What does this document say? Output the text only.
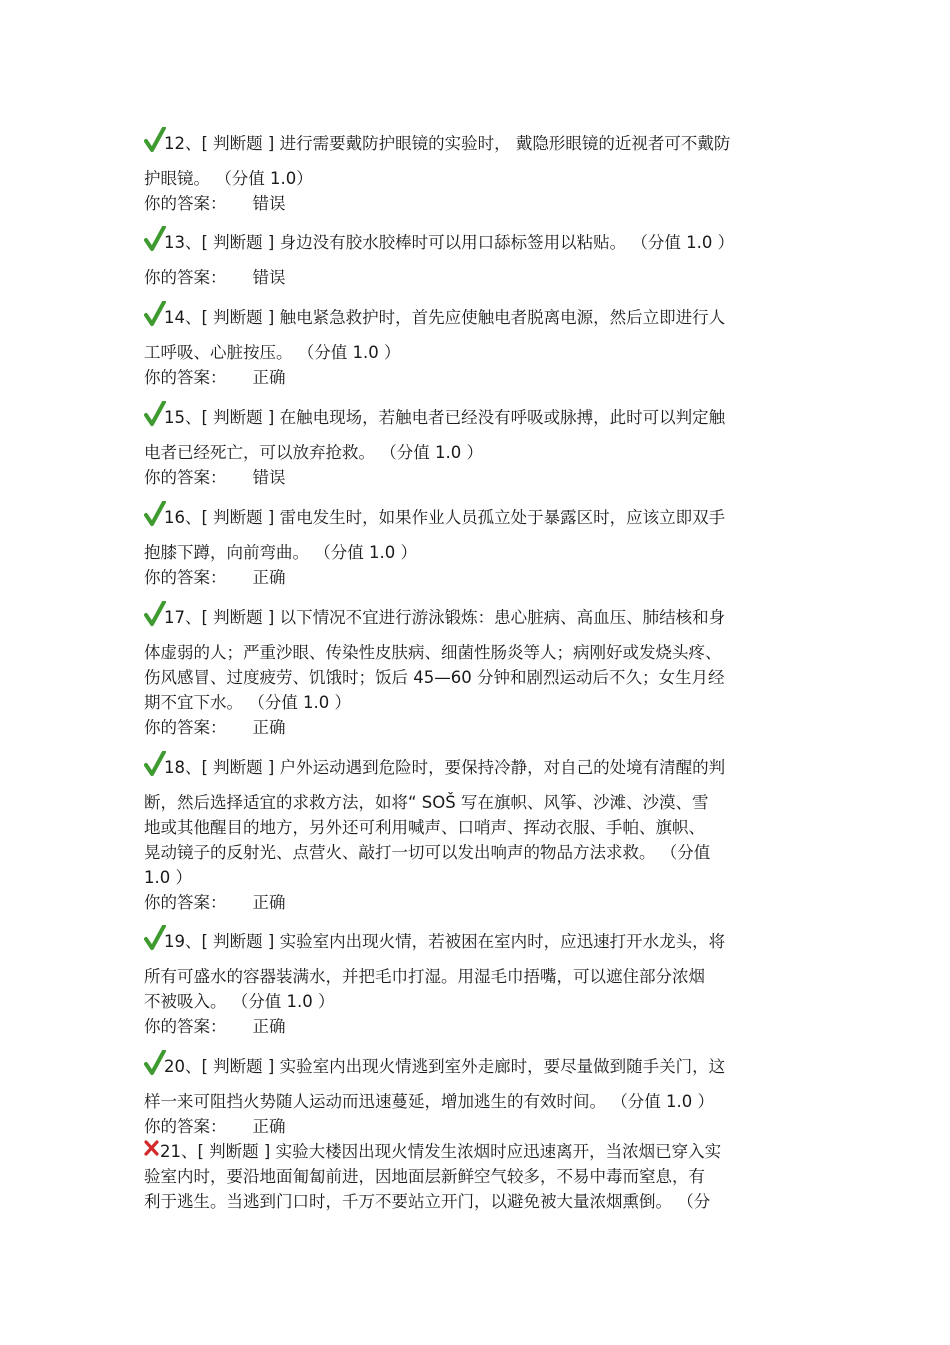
12、[ 判断题 ] 进行需要戴防护眼镜的实验时， 戴隐形眼镜的近视者可不戴防
护眼镜。 （分值 1.0）
你的答案： 错误
13、[ 判断题 ] 身边没有胶水胶棒时可以用口舔标签用以粘贴。 （分值 1.0 ）
你的答案： 错误
14、[ 判断题 ] 触电紧急救护时，首先应使触电者脱离电源，然后立即进行人
工呼吸、心脏按压。 （分值 1.0 ）
你的答案： 正确
15、[ 判断题 ] 在触电现场，若触电者已经没有呼吸或脉搏，此时可以判定触
电者已经死亡，可以放弃抢救。 （分值 1.0 ）
你的答案： 错误
16、[ 判断题 ] 雷电发生时，如果作业人员孤立处于暴露区时，应该立即双手
抱膝下蹲，向前弯曲。 （分值 1.0 ）
你的答案： 正确
17、[ 判断题 ] 以下情况不宜进行游泳锻炼：患心脏病、高血压、肺结核和身
体虚弱的人；严重沙眼、传染性皮肤病、细菌性肠炎等人；病刚好或发烧头疼、
伤风感冒、过度疲劳、饥饿时；饭后 45—60 分钟和剧烈运动后不久；女生月经
期不宜下水。 （分值 1.0 ）
你的答案： 正确
18、[ 判断题 ] 户外运动遇到危险时，要保持冷静，对自己的处境有清醒的判
断，然后选择适宜的求救方法，如将“ SOŠ 写在旗帜、风筝、沙滩、沙漠、雪
地或其他醒目的地方，另外还可利用喊声、口哨声、挥动衣服、手帕、旗帜、
晃动镜子的反射光、点营火、敲打一切可以发出响声的物品方法求救。 （分值
1.0 ）
你的答案： 正确
19、[ 判断题 ] 实验室内出现火情，若被困在室内时，应迅速打开水龙头，将
所有可盛水的容器装满水，并把毛巾打湿。用湿毛巾捂嘴，可以遮住部分浓烟
不被吸入。 （分值 1.0 ）
你的答案： 正确
20、[ 判断题 ] 实验室内出现火情逃到室外走廊时，要尽量做到随手关门，这
样一来可阻挡火势随人运动而迅速蔓延，增加逃生的有效时间。 （分值 1.0 ）
你的答案： 正确
21、[ 判断题 ] 实验大楼因出现火情发生浓烟时应迅速离开，当浓烟已穿入实
验室内时，要沿地面匍匐前进，因地面层新鲜空气较多，不易中毒而窒息，有
利于逃生。当逃到门口时，千万不要站立开门，以避免被大量浓烟熏倒。 （分
